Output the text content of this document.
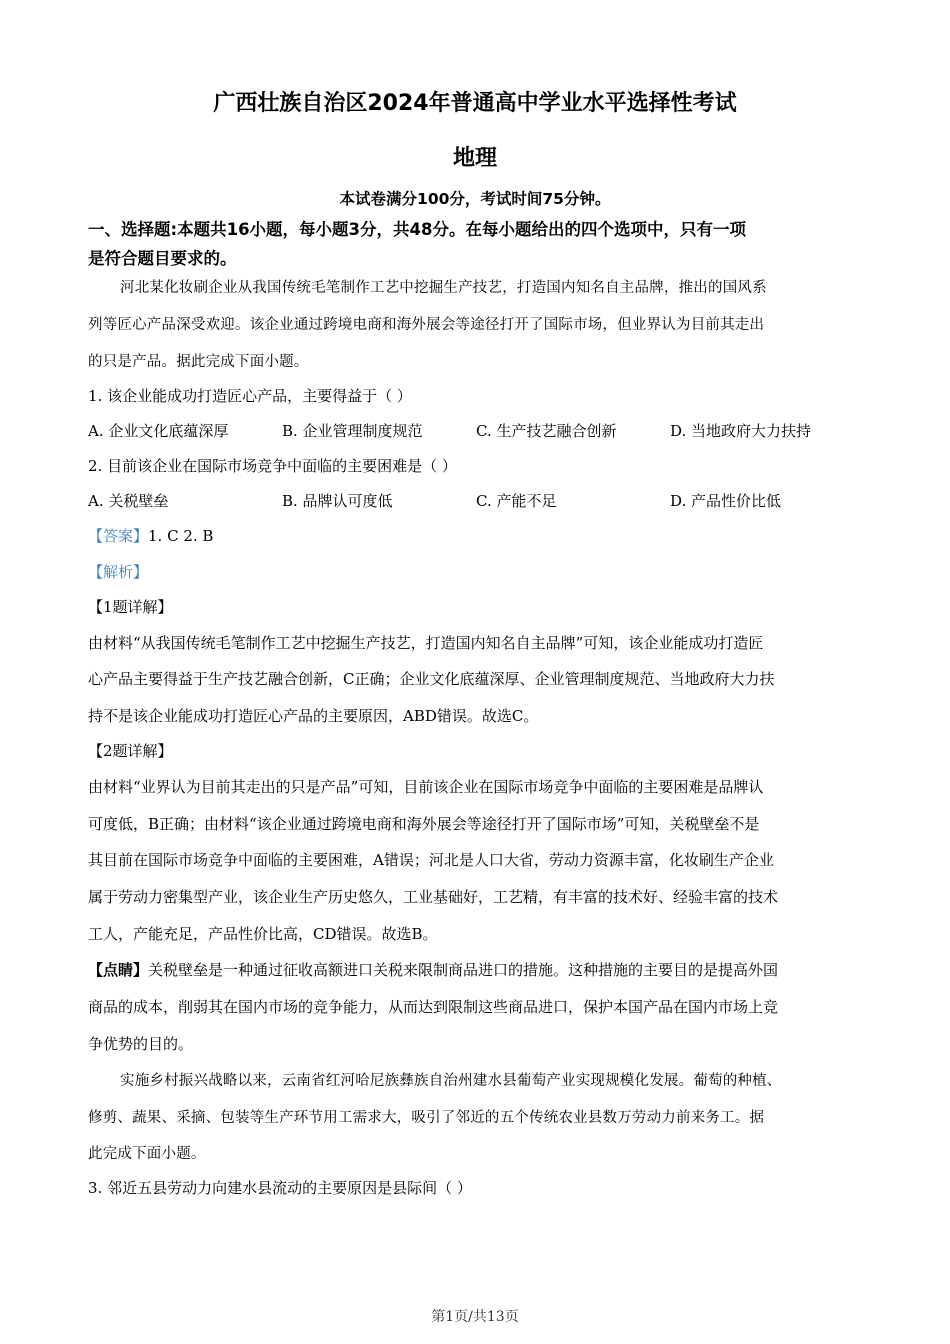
广西壮族自治区2024年普通高中学业水平选择性考试
地理
本试卷满分100分，考试时间75分钟。
一、选择题:本题共16小题，每小题3分，共48分。在每小题给出的四个选项中，只有一项
是符合题目要求的。
河北某化妆刷企业从我国传统毛笔制作工艺中挖掘生产技艺，打造国内知名自主品牌，推出的国风系
列等匠心产品深受欢迎。该企业通过跨境电商和海外展会等途径打开了国际市场，但业界认为目前其走出
的只是产品。据此完成下面小题。
1. 该企业能成功打造匠心产品，主要得益于（ ）
A. 企业文化底蕴深厚	B. 企业管理制度规范	C. 生产技艺融合创新	D. 当地政府大力扶持
2. 目前该企业在国际市场竞争中面临的主要困难是（ ）
A. 关税壁垒	B. 品牌认可度低	C. 产能不足	D. 产品性价比低
【答案】1. C 2. B
【解析】
【1题详解】
由材料“从我国传统毛笔制作工艺中挖掘生产技艺，打造国内知名自主品牌”可知，该企业能成功打造匠
心产品主要得益于生产技艺融合创新，C正确；企业文化底蕴深厚、企业管理制度规范、当地政府大力扶
持不是该企业能成功打造匠心产品的主要原因，ABD错误。故选C。
【2题详解】
由材料“业界认为目前其走出的只是产品”可知，目前该企业在国际市场竞争中面临的主要困难是品牌认
可度低，B正确；由材料“该企业通过跨境电商和海外展会等途径打开了国际市场”可知，关税壁垒不是
其目前在国际市场竞争中面临的主要困难，A错误；河北是人口大省，劳动力资源丰富，化妆刷生产企业
属于劳动力密集型产业，该企业生产历史悠久，工业基础好，工艺精，有丰富的技术好、经验丰富的技术
工人，产能充足，产品性价比高，CD错误。故选B。
【点睛】关税壁垒是一种通过征收高额进口关税来限制商品进口的措施。这种措施的主要目的是提高外国
商品的成本，削弱其在国内市场的竞争能力，从而达到限制这些商品进口，保护本国产品在国内市场上竞
争优势的目的。
实施乡村振兴战略以来，云南省红河哈尼族彝族自治州建水县葡萄产业实现规模化发展。葡萄的种植、
修剪、蔬果、采摘、包装等生产环节用工需求大，吸引了邻近的五个传统农业县数万劳动力前来务工。据
此完成下面小题。
3. 邻近五县劳动力向建水县流动的主要原因是县际间（ ）
第1页/共13页
